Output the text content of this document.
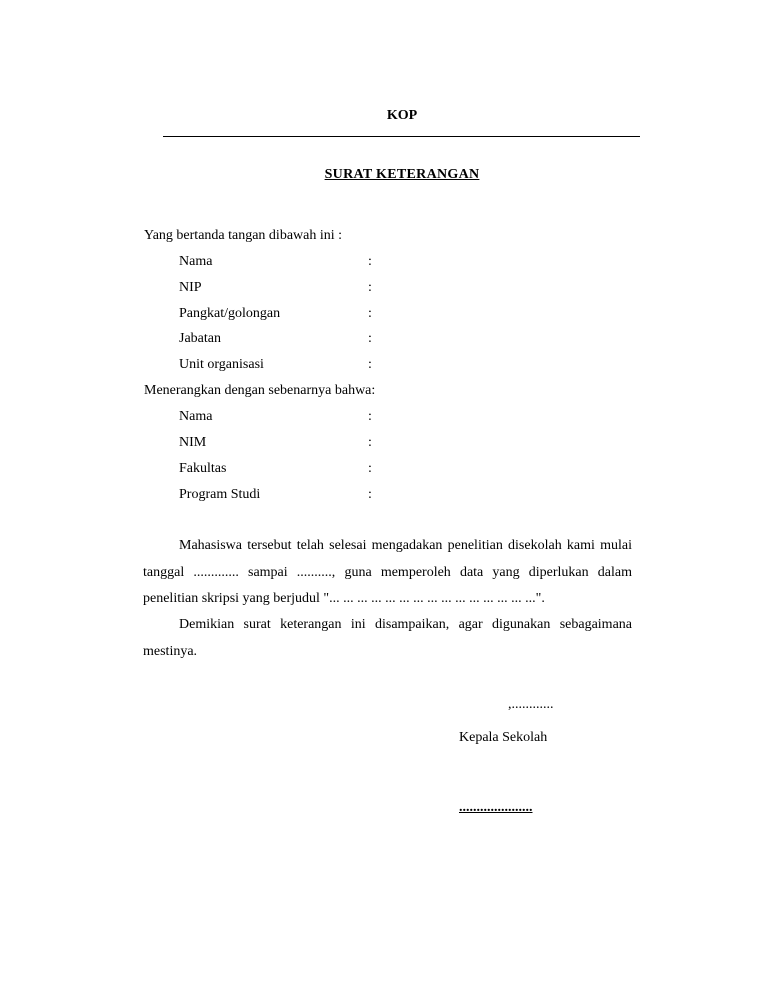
KOP
SURAT KETERANGAN
Yang bertanda tangan dibawah ini :
Nama	:
NIP	:
Pangkat/golongan	:
Jabatan	:
Unit organisasi	:
Menerangkan dengan sebenarnya bahwa:
Nama	:
NIM	:
Fakultas	:
Program Studi	:
Mahasiswa tersebut telah selesai mengadakan penelitian disekolah kami mulai tanggal ............. sampai .........., guna memperoleh data yang diperlukan dalam penelitian skripsi yang berjudul "... ... ... ... ... ... ... ... ... ... ... ... ... ... ...".
Demikian surat keterangan ini disampaikan, agar digunakan sebagaimana mestinya.
,............
Kepala Sekolah
.....................
